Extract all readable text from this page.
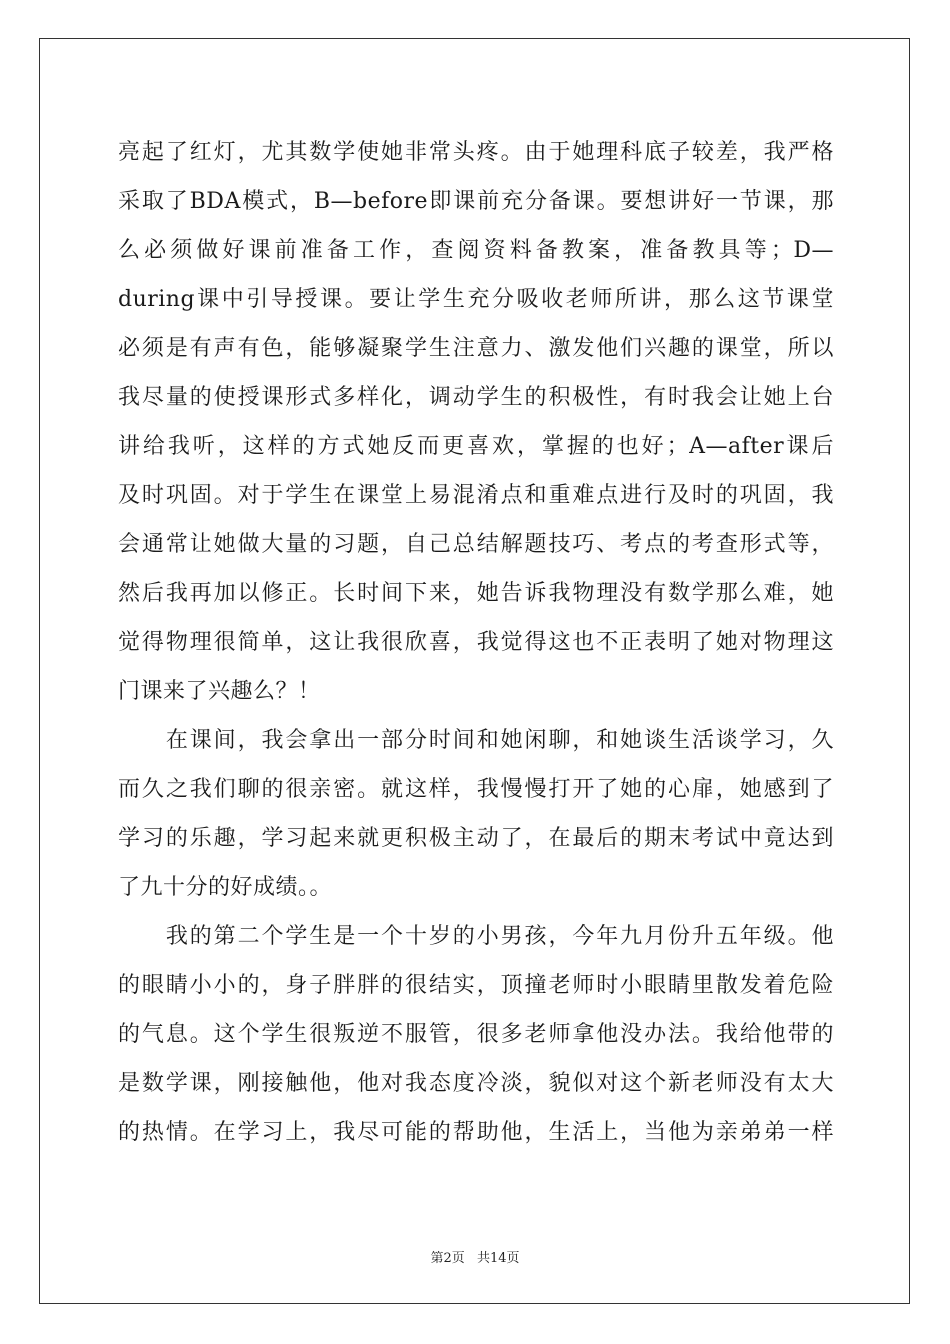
亮起了红灯，尤其数学使她非常头疼。由于她理科底子较差，我严格
采取了BDA模式，B—before即课前充分备课。要想讲好一节课，那
么必须做好课前准备工作，查阅资料备教案，准备教具等；D—
during课中引导授课。要让学生充分吸收老师所讲，那么这节课堂
必须是有声有色，能够凝聚学生注意力、激发他们兴趣的课堂，所以
我尽量的使授课形式多样化，调动学生的积极性，有时我会让她上台
讲给我听，这样的方式她反而更喜欢，掌握的也好；A—after课后
及时巩固。对于学生在课堂上易混淆点和重难点进行及时的巩固，我
会通常让她做大量的习题，自己总结解题技巧、考点的考查形式等，
然后我再加以修正。长时间下来，她告诉我物理没有数学那么难，她
觉得物理很简单，这让我很欣喜，我觉得这也不正表明了她对物理这
门课来了兴趣么？！
　　在课间，我会拿出一部分时间和她闲聊，和她谈生活谈学习，久
而久之我们聊的很亲密。就这样，我慢慢打开了她的心扉，她感到了
学习的乐趣，学习起来就更积极主动了，在最后的期末考试中竟达到
了九十分的好成绩。。
　　我的第二个学生是一个十岁的小男孩，今年九月份升五年级。他
的眼睛小小的，身子胖胖的很结实，顶撞老师时小眼睛里散发着危险
的气息。这个学生很叛逆不服管，很多老师拿他没办法。我给他带的
是数学课，刚接触他，他对我态度冷淡，貌似对这个新老师没有太大
的热情。在学习上，我尽可能的帮助他，生活上，当他为亲弟弟一样
第2页 共14页
